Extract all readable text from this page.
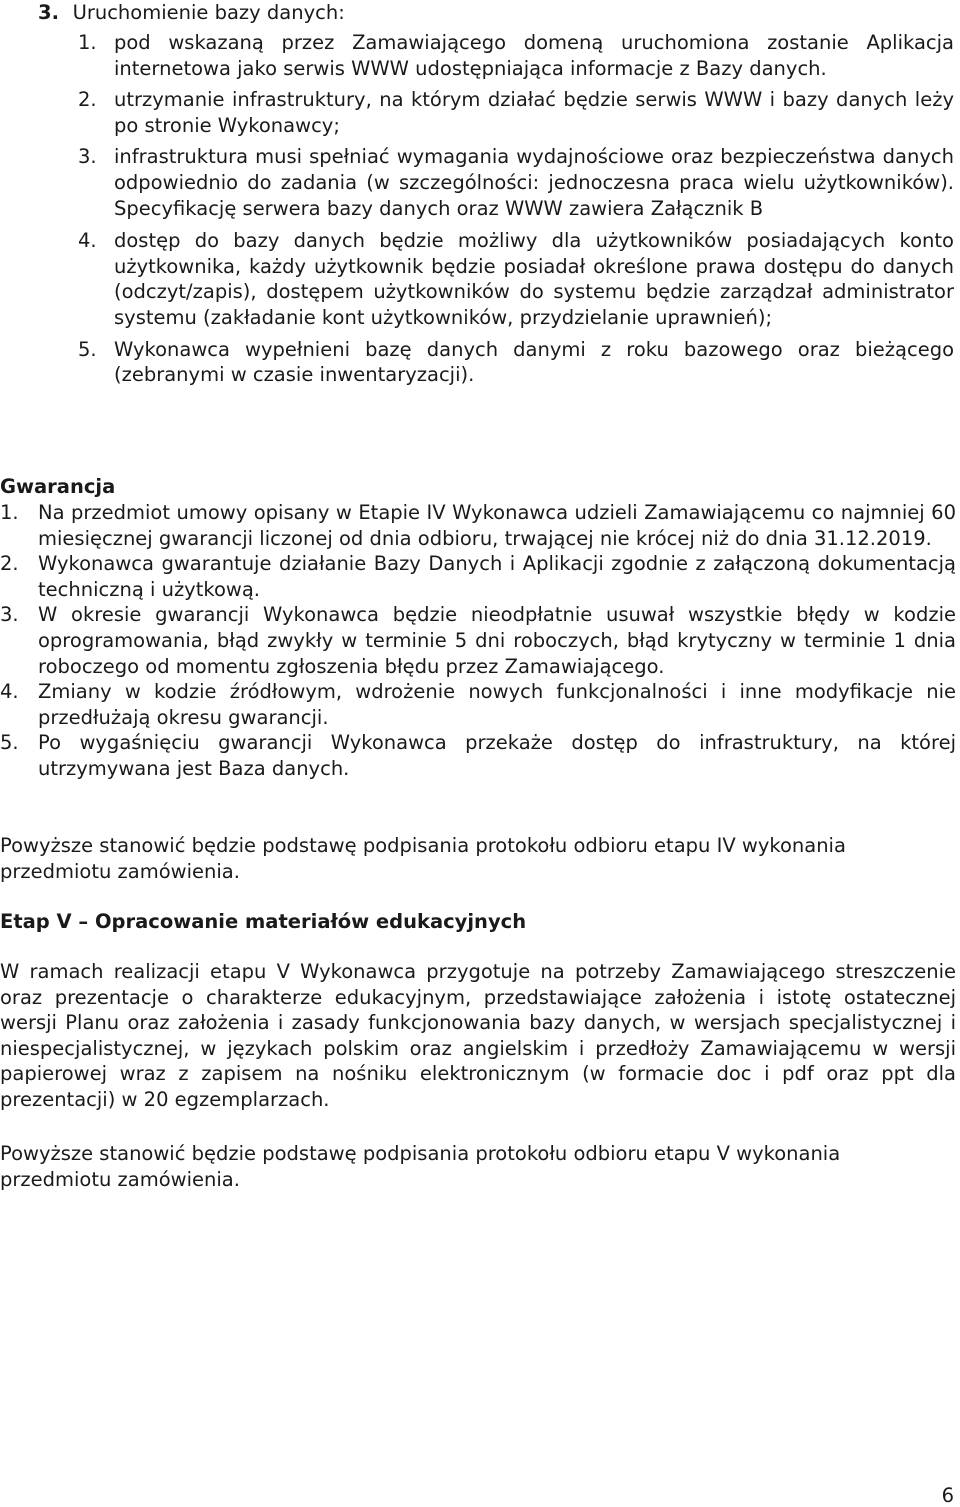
3. Uruchomienie bazy danych:
1. pod wskazaną przez Zamawiającego domeną uruchomiona zostanie Aplikacja internetowa jako serwis WWW udostępniająca informacje z Bazy danych.
2. utrzymanie infrastruktury, na którym działać będzie serwis WWW i bazy danych leży po stronie Wykonawcy;
3. infrastruktura musi spełniać wymagania wydajnościowe oraz bezpieczeństwa danych odpowiednio do zadania (w szczególności: jednoczesna praca wielu użytkowników). Specyfikację serwera bazy danych oraz WWW zawiera Załącznik B
4. dostęp do bazy danych będzie możliwy dla użytkowników posiadających konto użytkownika, każdy użytkownik będzie posiadał określone prawa dostępu do danych (odczyt/zapis), dostępem użytkowników do systemu będzie zarządzał administrator systemu (zakładanie kont użytkowników, przydzielanie uprawnień);
5. Wykonawca wypełnieni bazę danych danymi z roku bazowego oraz bieżącego (zebranymi w czasie inwentaryzacji).
Gwarancja
1. Na przedmiot umowy opisany w Etapie IV Wykonawca udzieli Zamawiającemu co najmniej 60 miesięcznej gwarancji liczonej od dnia odbioru, trwającej nie krócej niż do dnia 31.12.2019.
2. Wykonawca gwarantuje działanie Bazy Danych i Aplikacji zgodnie z załączoną dokumentacją techniczną i użytkową.
3. W okresie gwarancji Wykonawca będzie nieodpłatnie usuwał wszystkie błędy w kodzie oprogramowania, błąd zwykły w terminie 5 dni roboczych, błąd krytyczny w terminie 1 dnia roboczego od momentu zgłoszenia błędu przez Zamawiającego.
4. Zmiany w kodzie źródłowym, wdrożenie nowych funkcjonalności i inne modyfikacje nie przedłużają okresu gwarancji.
5. Po wygaśnięciu gwarancji Wykonawca przekaże dostęp do infrastruktury, na której utrzymywana jest Baza danych.

Powyższe stanowić będzie podstawę podpisania protokołu odbioru etapu IV wykonania przedmiotu zamówienia.

Etap V – Opracowanie materiałów edukacyjnych

W ramach realizacji etapu V Wykonawca przygotuje na potrzeby Zamawiającego streszczenie oraz prezentacje o charakterze edukacyjnym, przedstawiające założenia i istotę ostatecznej wersji Planu oraz założenia i zasady funkcjonowania bazy danych, w wersjach specjalistycznej i niespecjalistycznej, w językach polskim oraz angielskim i przedłoży Zamawiającemu w wersji papierowej wraz z zapisem na nośniku elektronicznym (w formacie doc i pdf oraz ppt dla prezentacji) w 20 egzemplarzach.

Powyższe stanowić będzie podstawę podpisania protokołu odbioru etapu V wykonania przedmiotu zamówienia.

6
